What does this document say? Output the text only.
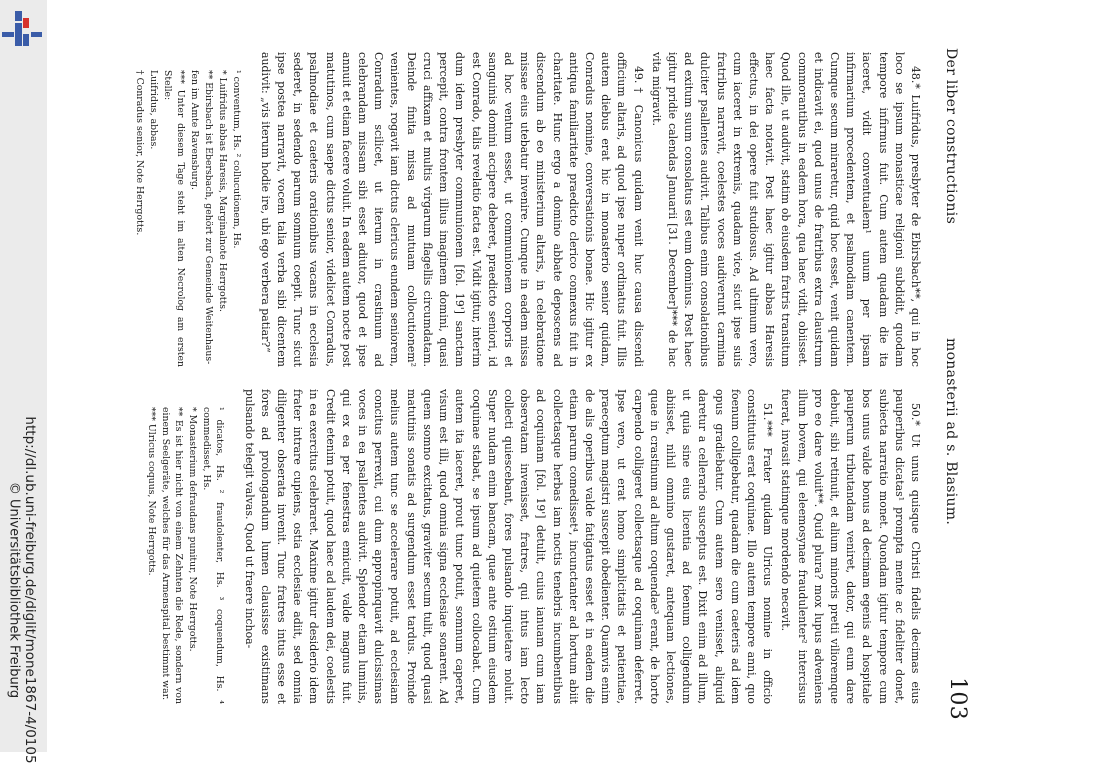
http://dl.ub.uni-freiburg.de/diglit/mone1867-4/0105
© Universitätsbibliothek Freiburg
Der liber constructionis
monasterii ad s. Blasium.
103

48.* Luifridus, presbyter de Ebirsbach**, qui in hoc loco se ipsum monasticae religioni subdidit, quodam tempore infirmus fuit. Cum autem quadam die ita iaceret, vidit conventualem¹ unum per ipsam infirmarium procedentem, et psalmodiam canentem. Cumque secum miraretur, quid hoc esset, venit quidam et indicavit ei, quod unus de fratribus extra claustrum commorantibus in eadem hora, qua haec vidit, obiisset. Quod ille, ut audivit, statim ob eiusdem fratris transitum haec facta notavit. Post haec igitur abbas Haresis effectus, in dei opere fuit studiosus. Ad ultimum vero, cum iaceret in extremis, quadam vice, sicut ipse suis fratribus narravit, coelestes voces audiverunt carmina dulciter psallentes audivit. Talibus enim consolationibus ad exitum suum consolatus est eum dominus. Post haec igitur pridie calendas Januarii [31. December]*** de hac vita migravit.

49.† Canonicus quidam venit huc causa discendi officium altaris, ad quod ipse nuper ordinatus fuit. Illis autem diebus erat hic in monasterio senior quidam, Conradus nomine, conversationis bonae. Hic igitur ex antiqua familiaritate praedicto clerico connexus fuit in charitate. Hunc ergo a domino abbate deposcens ad discendum ab eo ministerium altaris, in celebratione missae eius utebatur invenire. Cumque in eadem missa ad hoc ventum esset, ut communionem corporis et sanguinis domini accipere deberet, praedicto seniori, id est Conrado, talis revelatio facta est. Vidit igitur, interim dum idem presbyter communionem [fol. 19'] sanctam percepit, contra frontem illius imaginem domini, quasi cruci affixam et multis virgarum flagellis circumdatam. Deinde finita missa ad mutuam collocutionem² venientes, rogavit iam dictus clericus eundem seniorem, Conradum scilicet, ut iterum in crastinum ad celebrandam missam sibi esset adiutor, quod et ipse annuit et etiam facere voluit. In eadem autem nocte post matutinos, cum saepe dictus senior, videlicet Conradus, psalmodiae et caeteris orationibus vacans in ecclesia sederet, in sedendo parum somnum coepit. Tunc sicut ipse postea narravit, vocem talia verba sibi dicentem audivit: „vis iterum hodie ire, ubi ego verbera patiar?“

¹ conventum, Hs. ² collucutionem, Hs.
* Luifridus abbas Haresis, Marginalnote Herrgotts.
** Ebirsbach ist Ebersbach, gehört zur Gemeinde Weitenhaus-
fen im Amte Ravensburg.
*** Unter diesem Tage steht im alten Necrolog am ersten Stelle:
Luifridus, abbas.
† Conradus senior, Note Herrgotts.

50.* Ut unus quisque Christi fidelis decimas eius pauperibus dicatas¹ prompta mente ac fideliter donet, subiecta narratio monet. Quondam igitur tempore cum bos unus valde bonus ad decimam egenis ad hospitale pauperum tributandam veniret, dator, qui eum dare debuit, sibi retinuit, et alium minoris pretii vilioremque pro eo dare voluit**. Quid plura? mox lupus adveniens illum bovem, qui eleemosynae fraudulenter² intercisus fuerat, invasit statimque mordendo necavit.

51.*** Frater quidam Ulricus nomine in officio constitutus erat coquinae. Illo autem tempore anni, quo foenum colligebatur, quadam die cum caeteris ad idem opus gradiebatur. Cum autem sero venisset, aliquid daretur a cellerario susceptus est. Dixit enim ad illum, ut quia sine eius licentia ad foenum colligendum abiisset, nihil omnino gustaret, antequam lectiones, quae in crastinum ad altum coquendae³ erant, de horto carpendo colligeret collectasque ad coquinam deferret. Ipse vero, ut erat homo simplicitatis et patientiae, praeceptum magistri suscepit obedienter. Quamvis enim de alis operibus valde fatigatus esset et in eadem die etiam parum comedisset⁴, incunctanter ad hortum abiit collectasque herbas iam noctis tenebris incumbentibus ad coquinam [fol. 19'] detulit, cuius ianuam cum iam observatam invenisset, fratres, qui intus iam lecto collecti quiescebant, fores pulsando inquietare noluit. Super nudam enim bancam, quae ante ostium eiusdem coquinae stabat, se ipsum ad quietem collocabat. Cum autem ita iaceret, prout tunc potuit, somnum caperet, visum est illi, quod omnia signa ecclesiae sonarent. Ad quem somno excitatus, graviter secum tulit, quod quasi matutinis sonatis ad surgendum esset tardus. Proinde melius autem tunc se accelerare potuit, ad ecclesiam concitus perrexit, cui dum appropinquavit dulcissimas voces in ea psallentes audivit. Splendor etiam luminis, qui ex ea per fenestras emicuit, valde magnus fuit. Credit etenim potuit, quod haec ad laudem dei, coelestis in ea exercitus celebraret. Maxime igitur desiderio idem frater intrare cupiens, ostia ecclesiae adiit, sed omnia diligenter obserata invenit. Tunc fratres intus esse et fores ad prolongandum lumen clausisse existimans pulsando telegit valvas. Quod ut fraere inchoa-

¹ dicatos, Hs. ² fraudolenter, Hs. ³ coquendum, Hs. ⁴ commedisset, Hs.
* Monasterium defraudans punitur, Note Herrgotts.
** Es ist hier nicht von einem Zehnten die Rede, sondern von einem Seelgeräte, welches für das Armenspital bestimmt war.
*** Ulricus coquus, Note Herrgotts.
